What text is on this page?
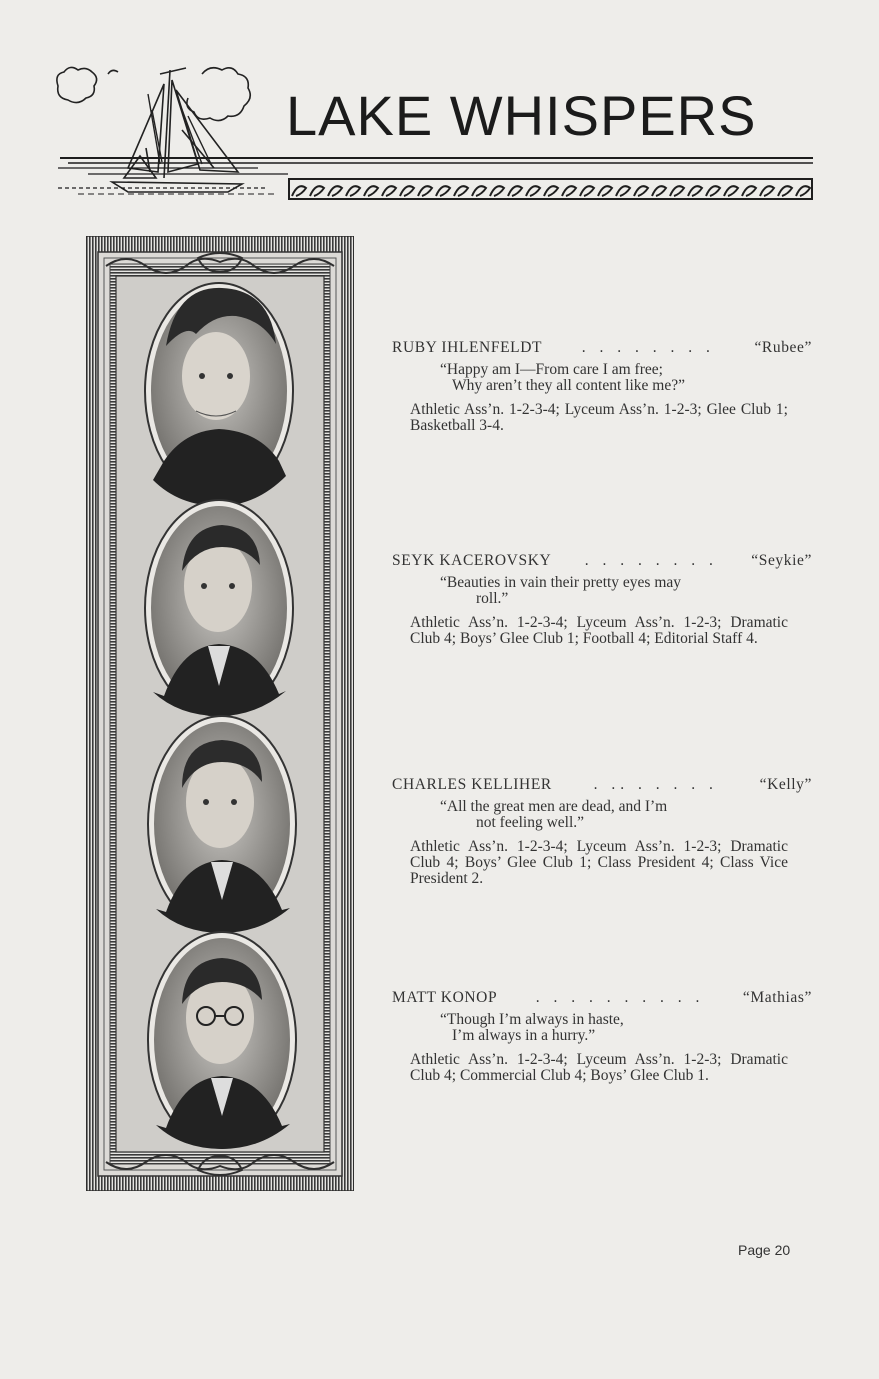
LAKE WHISPERS
RUBY IHLENFELDT	. . . . . . . .	“Rubee”
“Happy am I—From care I am free;
Why aren’t they all content like me?”
Athletic Ass’n. 1-2-3-4; Lyceum Ass’n. 1-2-3; Glee Club 1; Basketball 3-4.
SEYK KACEROVSKY	. . . . . . . .	“Seykie”
“Beauties in vain their pretty eyes may
roll.”
Athletic Ass’n. 1-2-3-4; Lyceum Ass’n. 1-2-3; Dramatic Club 4; Boys’ Glee Club 1; Football 4; Editorial Staff 4.
CHARLES KELLIHER	. .. . . . . .	“Kelly”
“All the great men are dead, and I’m
not feeling well.”
Athletic Ass’n. 1-2-3-4; Lyceum Ass’n. 1-2-3; Dramatic Club 4; Boys’ Glee Club 1; Class President 4; Class Vice President 2.
MATT KONOP	. . . . . . . . . .	“Mathias”
“Though I’m always in haste,
I’m always in a hurry.”
Athletic Ass’n. 1-2-3-4; Lyceum Ass’n. 1-2-3; Dramatic Club 4; Commercial Club 4; Boys’ Glee Club 1.
Page 20
